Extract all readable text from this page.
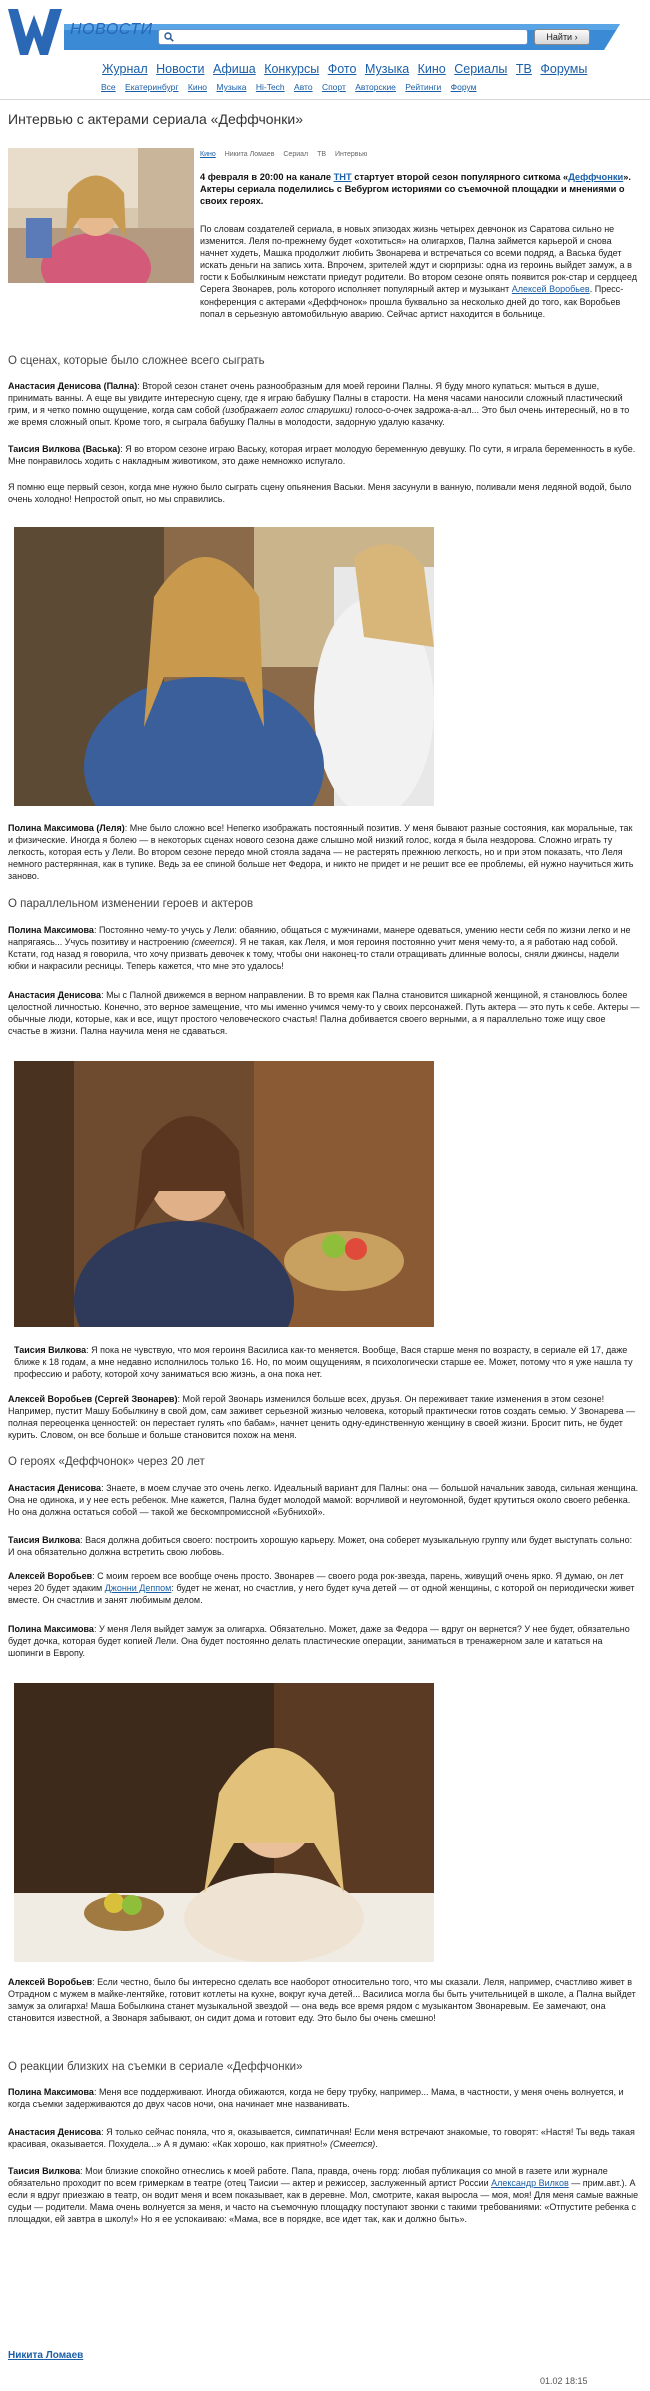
НОВОСТИ	Найти ›
Журнал Новости Афиша Конкурсы Фото Музыка Кино Сериалы ТВ Форумы
Все Екатеринбург Кино Музыка Hi-Tech Авто Спорт Авторские Рейтинги Форум
Интервью с актерами сериала «Деффчонки»
Кино Никита Ломаев Сериал ТВ Интервью
4 февраля в 20:00 на канале ТНТ стартует второй сезон популярного ситкома «Деффчонки». Актеры сериала поделились с Вебургом историями со съемочной площадки и мнениями о своих героях.
По словам создателей сериала, в новых эпизодах жизнь четырех девчонок из Саратова сильно не изменится. Леля по-прежнему будет «охотиться» на олигархов, Пална займется карьерой и снова начнет худеть, Машка продолжит любить Звонарева и встречаться со всеми подряд, а Васька будет искать деньги на запись хита. Впрочем, зрителей ждут и сюрпризы: одна из героинь выйдет замуж, а в гости к Бобылкиным нежстати приедут родители. Во втором сезоне опять появится рок-стар и сердцеед Серега Звонарев, роль которого исполняет популярный актер и музыкант Алексей Воробьев. Пресс-конференция с актерами «Деффчонок» прошла буквально за несколько дней до того, как Воробьев попал в серьезную автомобильную аварию. Сейчас артист находится в больнице.
О сценах, которые было сложнее всего сыграть
Анастасия Денисова (Пална): Второй сезон станет очень разнообразным для моей героини Палны. Я буду много купаться: мыться в душе, принимать ванны. А еще вы увидите интересную сцену, где я играю бабушку Палны в старости. На меня часами наносили сложный пластический грим, и я четко помню ощущение, когда сам собой (изображает голос старушки) голосо-о-очек задрожа-а-ал... Это был очень интересный, но в то же время сложный опыт. Кроме того, я сыграла бабушку Палны в молодости, задорную удалую казачку.
Таисия Вилкова (Васька): Я во втором сезоне играю Ваську, которая играет молодую беременную девушку. По сути, я играла беременность в кубе. Мне понравилось ходить с накладным животиком, это даже немножко испугало.
Я помню еще первый сезон, когда мне нужно было сыграть сцену опьянения Васьки. Меня засунули в ванную, поливали меня ледяной водой, было очень холодно! Непростой опыт, но мы справились.
Полина Максимова (Леля): Мне было сложно все! Непегко изображать постоянный позитив. У меня бывают разные состояния, как моральные, так и физические. Иногда я болею — в некоторых сценах нового сезона даже слышно мой низкий голос, когда я была нездорова. Сложно играть ту легкость, которая есть у Лели. Во втором сезоне передо мной стояла задача — не растерять прежнюю легкость, но и при этом показать, что Леля немного растерянная, как в тупике. Ведь за ее спиной больше нет Федора, и никто не придет и не решит все ее проблемы, ей нужно научиться жить заново.
О параллельном изменении героев и актеров
Полина Максимова: Постоянно чему-то учусь у Лели: обаянию, общаться с мужчинами, манере одеваться, умению нести себя по жизни легко и не напрягаясь... Учусь позитиву и настроению (смеется). Я не такая, как Леля, и моя героиня постоянно учит меня чему-то, а я работаю над собой. Кстати, год назад я говорила, что хочу призвать девочек к тому, чтобы они наконец-то стали отращивать длинные волосы, сняли джинсы, надели юбки и накрасили ресницы. Теперь кажется, что мне это удалось!
Анастасия Денисова: Мы с Палной движемся в верном направлении. В то время как Пална становится шикарной женщиной, я становлюсь более целостной личностью. Конечно, это верное замещение, что мы именно учимся чему-то у своих персонажей. Путь актера — это путь к себе. Актеры — обычные люди, которые, как и все, ищут простого человеческого счастья! Пална добивается своего верными, а я параллельно тоже ищу свое счастье в жизни. Пална научила меня не сдаваться.
Таисия Вилкова: Я пока не чувствую, что моя героиня Василиса как-то меняется. Вообще, Вася старше меня по возрасту, в сериале ей 17, даже ближе к 18 годам, а мне недавно исполнилось только 16. Но, по моим ощущениям, я психологически старше ее. Может, потому что я уже нашла ту профессию и работу, которой хочу заниматься всю жизнь, а она пока нет.
Алексей Воробьев (Сергей Звонарев): Мой герой Звонарь изменился больше всех, друзья. Он переживает такие изменения в этом сезоне! Например, пустит Машу Бобылкину в свой дом, сам заживет серьезной жизнью человека, который практически готов создать семью. У Звонарева — полная переоценка ценностей: он перестает гулять «по бабам», начнет ценить одну-единственную женщину в своей жизни. Бросит пить, не будет курить. Словом, он все больше и больше становится похож на меня.
О героях «Деффчонок» через 20 лет
Анастасия Денисова: Знаете, в моем случае это очень легко. Идеальный вариант для Палны: она — большой начальник завода, сильная женщина. Она не одинока, и у нее есть ребенок. Мне кажется, Пална будет молодой мамой: ворчливой и неугомонной, будет крутиться около своего ребенка. Но она должна остаться собой — такой же бескомпромиссной «Бубнихой».
Таисия Вилкова: Вася должна добиться своего: построить хорошую карьеру. Может, она соберет музыкальную группу или будет выступать сольно: И она обязательно должна встретить свою любовь.
Алексей Воробьев: С моим героем все вообще очень просто. Звонарев — своего рода рок-звезда, парень, живущий очень ярко. Я думаю, он лет через 20 будет эдаким Джонни Деппом: будет не женат, но счастлив, у него будет куча детей — от одной женщины, с которой он периодически живет вместе. Он счастлив и занят любимым делом.
Полина Максимова: У меня Леля выйдет замуж за олигарха. Обязательно. Может, даже за Федора — вдруг он вернется? У нее будет, обязательно будет дочка, которая будет копией Лели. Она будет постоянно делать пластические операции, заниматься в тренажерном зале и кататься на шопинги в Европу.
Алексей Воробьев: Если честно, было бы интересно сделать все наоборот относительно того, что мы сказали. Леля, например, счастливо живет в Отрадном с мужем в майке-лентяйке, готовит котлеты на кухне, вокруг куча детей... Василиса могла бы быть учительницей в школе, а Пална выйдет замуж за олигарха! Маша Бобылкина станет музыкальной звездой — она ведь все время рядом с музыкантом Звонаревым. Ее замечают, она становится известной, а Звонаря забывают, он сидит дома и готовит еду. Это было бы очень смешно!
О реакции близких на съемки в сериале «Деффчонки»
Полина Максимова: Меня все поддерживают. Иногда обижаются, когда не беру трубку, например... Мама, в частности, у меня очень волнуется, и когда съемки задерживаются до двух часов ночи, она начинает мне названивать.
Анастасия Денисова: Я только сейчас поняла, что я, оказывается, симпатичная! Если меня встречают знакомые, то говорят: «Настя! Ты ведь такая красивая, оказывается. Похудела...» А я думаю: «Как хорошо, как приятно!» (Смеется).
Таисия Вилкова: Мои близкие спокойно отнеслись к моей работе. Папа, правда, очень горд: любая публикация со мной в газете или журнале обязательно проходит по всем гримеркам в театре (отец Таисии — актер и режиссер, заслуженный артист России Александр Вилков — прим.авт.). А если я вдруг приезжаю в театр, он водит меня и всем показывает, как в деревне. Мол, смотрите, какая выросла — моя, моя! Для меня самые важные судьи — родители. Мама очень волнуется за меня, и часто на съемочную площадку поступают звонки с такими требованиями: «Отпустите ребенка с площадки, ей завтра в школу!» Но я ее успокаиваю: «Мама, все в порядке, все идет так, как и должно быть».
Никита Ломаев
01.02 18:15
